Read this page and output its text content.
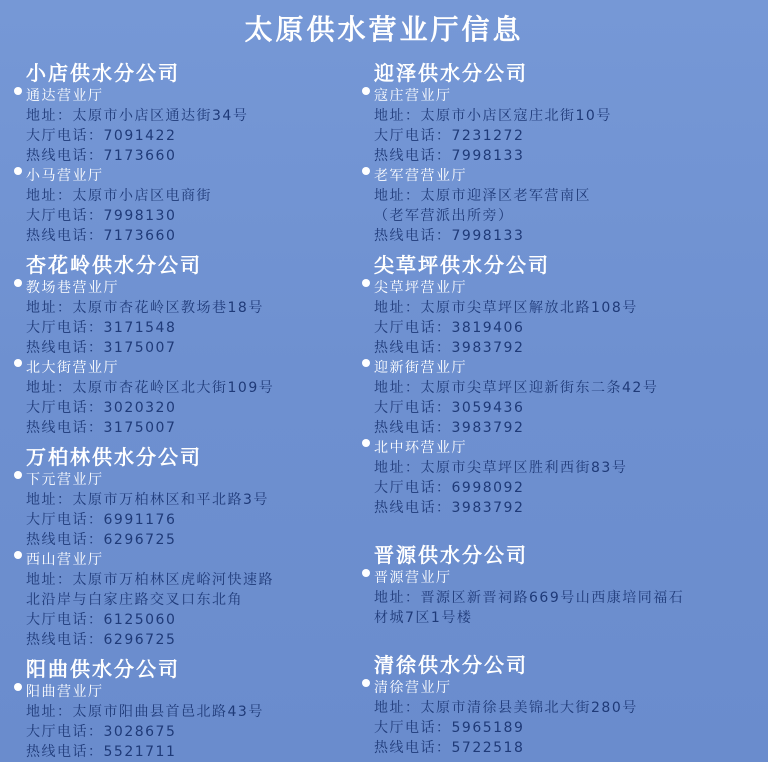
太原供水营业厅信息
小店供水分公司
通达营业厅
地址：太原市小店区通达街34号
大厅电话：7091422
热线电话：7173660
小马营业厅
地址：太原市小店区电商街
大厅电话：7998130
热线电话：7173660
杏花岭供水分公司
教场巷营业厅
地址：太原市杏花岭区教场巷18号
大厅电话：3171548
热线电话：3175007
北大街营业厅
地址：太原市杏花岭区北大街109号
大厅电话：3020320
热线电话：3175007
万柏林供水分公司
下元营业厅
地址：太原市万柏林区和平北路3号
大厅电话：6991176
热线电话：6296725
西山营业厅
地址：太原市万柏林区虎峪河快速路
北沿岸与白家庄路交叉口东北角
大厅电话：6125060
热线电话：6296725
阳曲供水分公司
阳曲营业厅
地址：太原市阳曲县首邑北路43号
大厅电话：3028675
热线电话：5521711
迎泽供水分公司
寇庄营业厅
地址：太原市小店区寇庄北街10号
大厅电话：7231272
热线电话：7998133
老军营营业厅
地址：太原市迎泽区老军营南区
（老军营派出所旁）
热线电话：7998133
尖草坪供水分公司
尖草坪营业厅
地址：太原市尖草坪区解放北路108号
大厅电话：3819406
热线电话：3983792
迎新街营业厅
地址：太原市尖草坪区迎新街东二条42号
大厅电话：3059436
热线电话：3983792
北中环营业厅
地址：太原市尖草坪区胜利西街83号
大厅电话：6998092
热线电话：3983792
晋源供水分公司
晋源营业厅
地址：晋源区新晋祠路669号山西康培同福石
材城7区1号楼
清徐供水分公司
清徐营业厅
地址：太原市清徐县美锦北大街280号
大厅电话：5965189
热线电话：5722518
